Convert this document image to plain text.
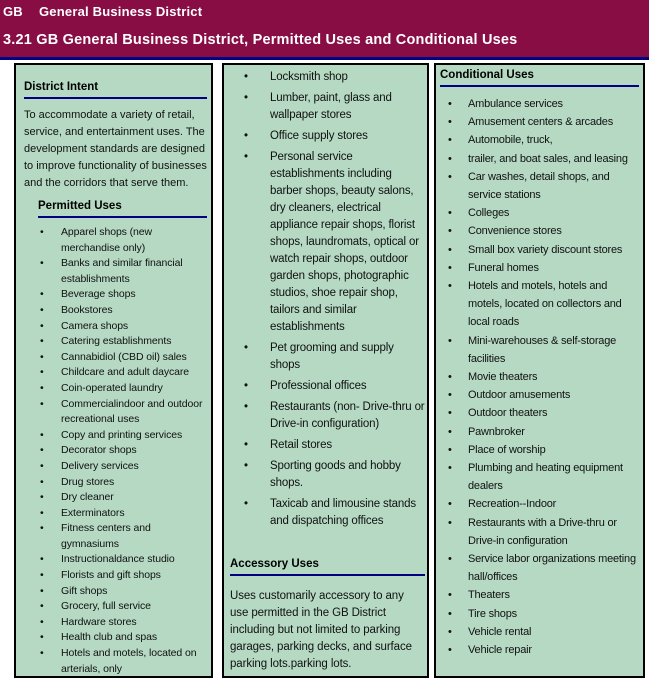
GB	General Business District
3.21 GB General Business District, Permitted Uses and Conditional Uses
District Intent
To accommodate a variety of retail, service, and entertainment uses. The development standards are designed to improve functionality of businesses and the corridors that serve them.
Permitted Uses
• Apparel shops (new merchandise only)
• Banks and similar financial establishments
• Beverage shops
• Bookstores
• Camera shops
• Catering establishments
• Cannabidiol (CBD oil) sales
• Childcare and adult daycare
• Coin-operated laundry
• Commercialindoor and outdoor recreational uses
• Copy and printing services
• Decorator shops
• Delivery services
• Drug stores
• Dry cleaner
• Exterminators
• Fitness centers and gymnasiums
• Instructionaldance studio
• Florists and gift shops
• Gift shops
• Grocery, full service
• Hardware stores
• Health club and spas
• Hotels and motels, located on arterials, only
• Locksmith shop
• Lumber, paint, glass and wallpaper stores
• Office supply stores
• Personal service establishments including barber shops, beauty salons, dry cleaners, electrical appliance repair shops, florist shops, laundromats, optical or watch repair shops, outdoor garden shops, photographic studios, shoe repair shop, tailors and similar establishments
• Pet grooming and supply shops
• Professional offices
• Restaurants (non- Drive-thru or Drive-in configuration)
• Retail stores
• Sporting goods and hobby shops.
• Taxicab and limousine stands and dispatching offices
Accessory Uses
Uses customarily accessory to any use permitted in the GB District including but not limited to parking garages, parking decks, and surface parking lots.parking lots.
Conditional Uses
• Ambulance services
• Amusement centers & arcades
• Automobile, truck,
• trailer, and boat sales, and leasing
• Car washes, detail shops, and service stations
• Colleges
• Convenience stores
• Small box variety discount stores
• Funeral homes
• Hotels and motels, hotels and motels, located on collectors and local roads
• Mini-warehouses & self-storage facilities
• Movie theaters
• Outdoor amusements
• Outdoor theaters
• Pawnbroker
• Place of worship
• Plumbing and heating equipment dealers
• Recreation--Indoor
• Restaurants with a Drive-thru or Drive-in configuration
• Service labor organizations meeting hall/offices
• Theaters
• Tire shops
• Vehicle rental
• Vehicle repair
